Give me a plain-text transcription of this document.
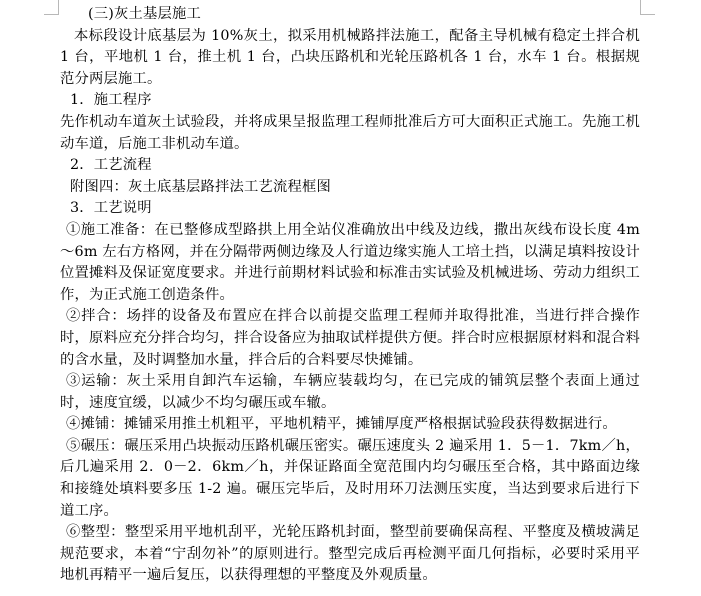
(三)灰土基层施工

本标段设计底基层为 10%灰土，拟采用机械路拌法施工，配备主导机械有稳定土拌合机 1 台，平地机 1 台，推土机 1 台，凸块压路机和光轮压路机各 1 台，水车 1 台。根据规范分两层施工。

1．施工程序

先作机动车道灰土试验段，并将成果呈报监理工程师批准后方可大面积正式施工。先施工机动车道，后施工非机动车道。

2．工艺流程

附图四：灰土底基层路拌法工艺流程框图

3．工艺说明

①施工准备：在已整修成型路拱上用全站仪准确放出中线及边线，撒出灰线布设长度 4m～6m 左右方格网，并在分隔带两侧边缘及人行道边缘实施人工培土挡，以满足填料按设计位置摊料及保证宽度要求。并进行前期材料试验和标准击实试验及机械进场、劳动力组织工作，为正式施工创造条件。

②拌合：场拌的设备及布置应在拌合以前提交监理工程师并取得批准，当进行拌合操作时，原料应充分拌合均匀，拌合设备应为抽取试样提供方便。拌合时应根据原材料和混合料的含水量，及时调整加水量，拌合后的合料要尽快摊铺。

③运输：灰土采用自卸汽车运输，车辆应装载均匀，在已完成的铺筑层整个表面上通过时，速度宜缓，以减少不均匀碾压或车辙。

④摊铺：摊铺采用推土机粗平，平地机精平，摊铺厚度严格根据试验段获得数据进行。

⑤碾压：碾压采用凸块振动压路机碾压密实。碾压速度头 2 遍采用 1．5－1．7km／h，后几遍采用 2．0－2．6km／h，并保证路面全宽范围内均匀碾压至合格，其中路面边缘和接缝处填料要多压 1-2 遍。碾压完毕后，及时用环刀法测压实度，当达到要求后进行下道工序。

⑥整型：整型采用平地机刮平，光轮压路机封面，整型前要确保高程、平整度及横坡满足规范要求，本着“宁刮勿补”的原则进行。整型完成后再检测平面几何指标，必要时采用平地机再精平一遍后复压，以获得理想的平整度及外观质量。
